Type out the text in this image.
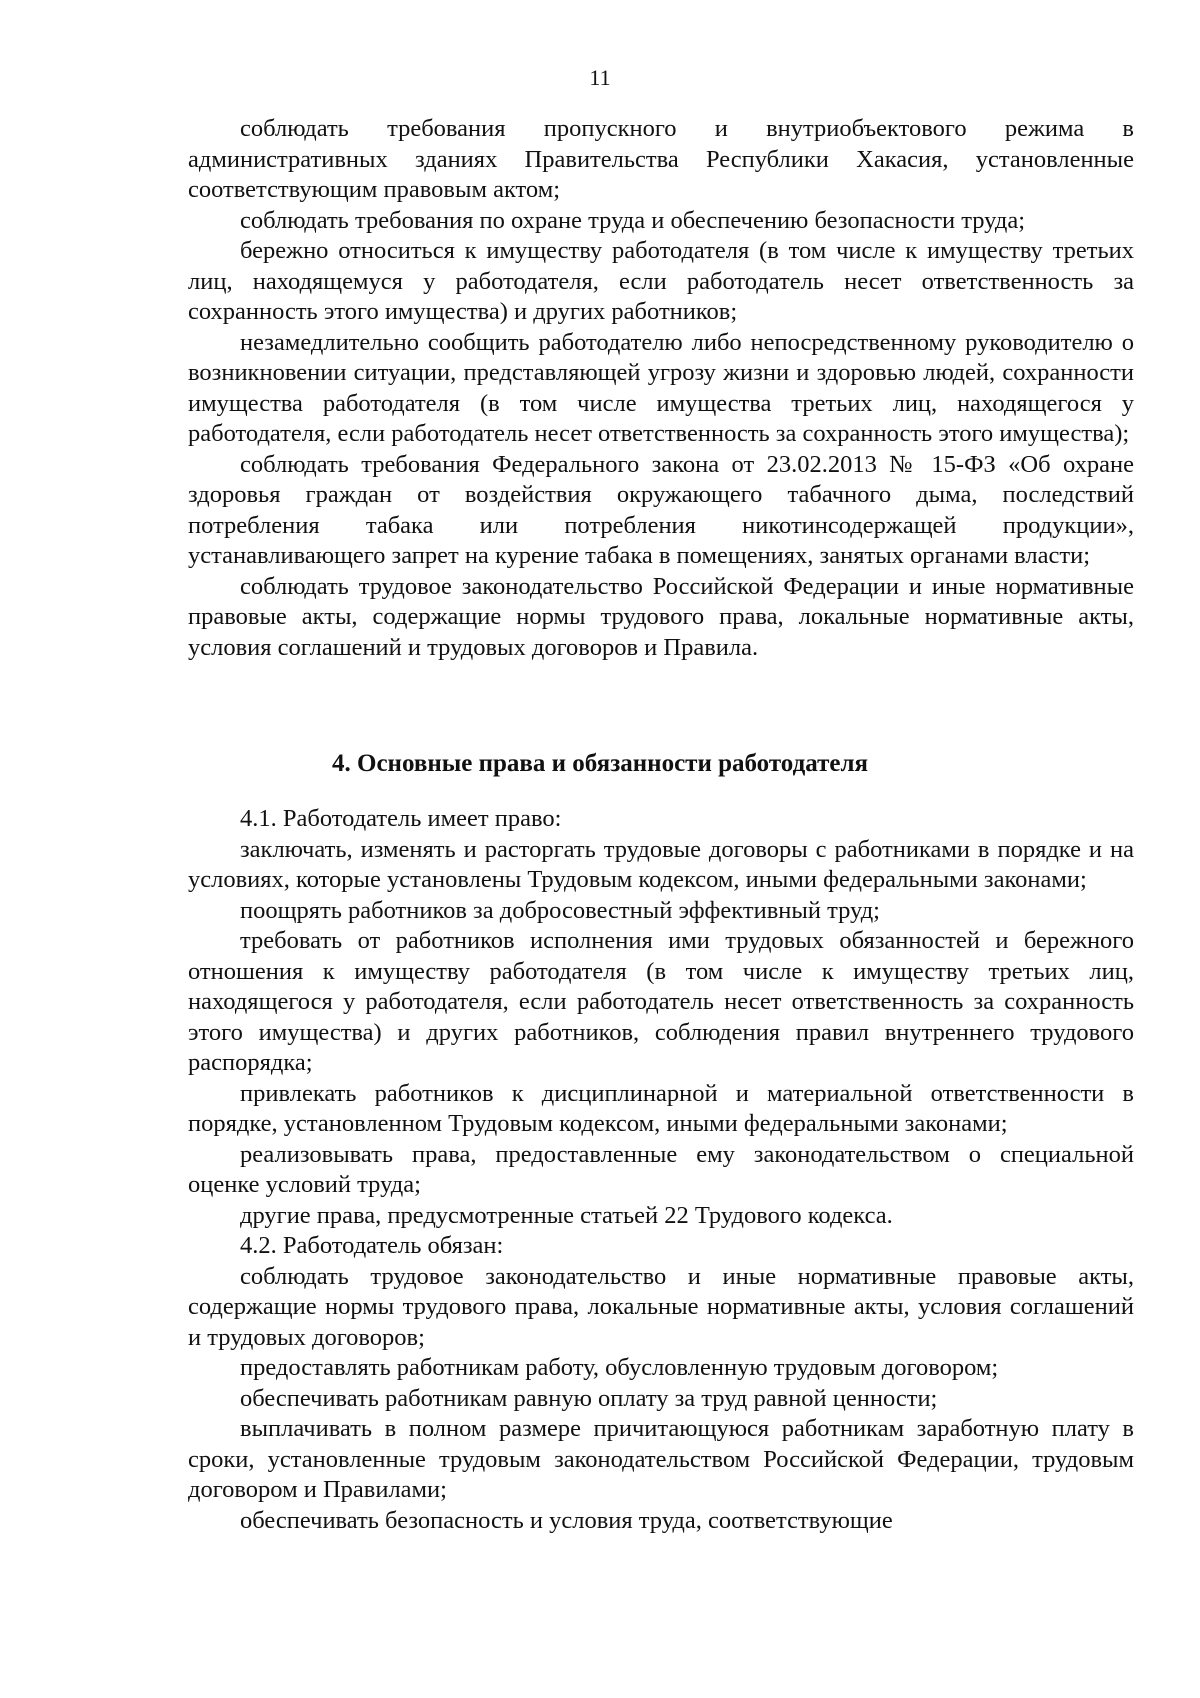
11

соблюдать требования пропускного и внутриобъектового режима в административных зданиях Правительства Республики Хакасия, установленные соответствующим правовым актом;

соблюдать требования по охране труда и обеспечению безопасности труда;

бережно относиться к имуществу работодателя (в том числе к имуществу третьих лиц, находящемуся у работодателя, если работодатель несет ответственность за сохранность этого имущества) и других работников;

незамедлительно сообщить работодателю либо непосредственному руководителю о возникновении ситуации, представляющей угрозу жизни и здоровью людей, сохранности имущества работодателя (в том числе имущества третьих лиц, находящегося у работодателя, если работодатель несет ответственность за сохранность этого имущества);

соблюдать требования Федерального закона от 23.02.2013 № 15-ФЗ «Об охране здоровья граждан от воздействия окружающего табачного дыма, последствий потребления табака или потребления никотинсодержащей продукции», устанавливающего запрет на курение табака в помещениях, занятых органами власти;

соблюдать трудовое законодательство Российской Федерации и иные нормативные правовые акты, содержащие нормы трудового права, локальные нормативные акты, условия соглашений и трудовых договоров и Правила.

4. Основные права и обязанности работодателя

4.1. Работодатель имеет право:

заключать, изменять и расторгать трудовые договоры с работниками в порядке и на условиях, которые установлены Трудовым кодексом, иными федеральными законами;

поощрять работников за добросовестный эффективный труд;

требовать от работников исполнения ими трудовых обязанностей и бережного отношения к имуществу работодателя (в том числе к имуществу третьих лиц, находящегося у работодателя, если работодатель несет ответственность за сохранность этого имущества) и других работников, соблюдения правил внутреннего трудового распорядка;

привлекать работников к дисциплинарной и материальной ответственности в порядке, установленном Трудовым кодексом, иными федеральными законами;

реализовывать права, предоставленные ему законодательством о специальной оценке условий труда;

другие права, предусмотренные статьей 22 Трудового кодекса.

4.2. Работодатель обязан:

соблюдать трудовое законодательство и иные нормативные правовые акты, содержащие нормы трудового права, локальные нормативные акты, условия соглашений и трудовых договоров;

предоставлять работникам работу, обусловленную трудовым договором;

обеспечивать работникам равную оплату за труд равной ценности;

выплачивать в полном размере причитающуюся работникам заработную плату в сроки, установленные трудовым законодательством Российской Федерации, трудовым договором и Правилами;

обеспечивать безопасность и условия труда, соответствующие
